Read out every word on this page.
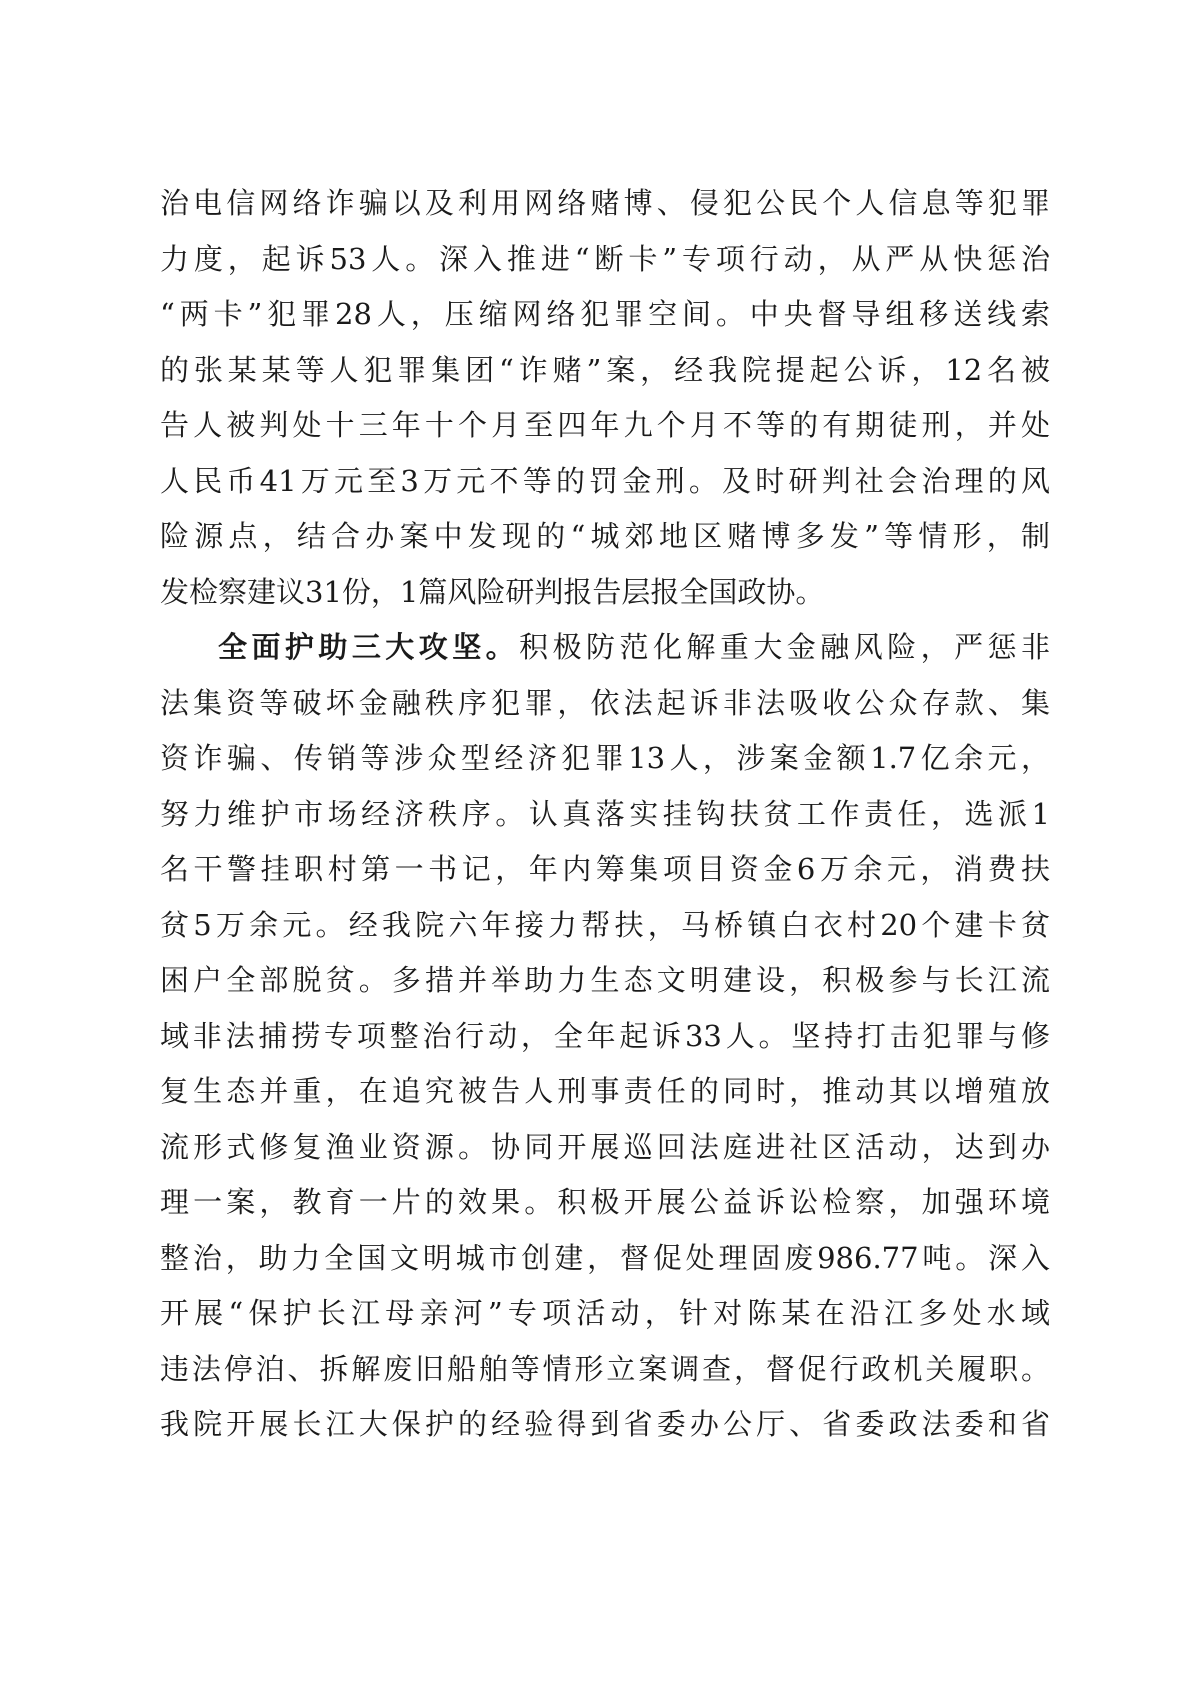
治电信网络诈骗以及利用网络赌博、侵犯公民个人信息等犯罪
力度，起诉53人。深入推进“断卡”专项行动，从严从快惩治
“两卡”犯罪28人，压缩网络犯罪空间。中央督导组移送线索
的张某某等人犯罪集团“诈赌”案，经我院提起公诉，12名被
告人被判处十三年十个月至四年九个月不等的有期徒刑，并处
人民币41万元至3万元不等的罚金刑。及时研判社会治理的风
险源点，结合办案中发现的“城郊地区赌博多发”等情形，制
发检察建议31份，1篇风险研判报告层报全国政协。
全面护助三大攻坚。积极防范化解重大金融风险，严惩非
法集资等破坏金融秩序犯罪，依法起诉非法吸收公众存款、集
资诈骗、传销等涉众型经济犯罪13人，涉案金额1.7亿余元，
努力维护市场经济秩序。认真落实挂钩扶贫工作责任，选派1
名干警挂职村第一书记，年内筹集项目资金6万余元，消费扶
贫5万余元。经我院六年接力帮扶，马桥镇白衣村20个建卡贫
困户全部脱贫。多措并举助力生态文明建设，积极参与长江流
域非法捕捞专项整治行动，全年起诉33人。坚持打击犯罪与修
复生态并重，在追究被告人刑事责任的同时，推动其以增殖放
流形式修复渔业资源。协同开展巡回法庭进社区活动，达到办
理一案，教育一片的效果。积极开展公益诉讼检察，加强环境
整治，助力全国文明城市创建，督促处理固废986.77吨。深入
开展“保护长江母亲河”专项活动，针对陈某在沿江多处水域
违法停泊、拆解废旧船舶等情形立案调查，督促行政机关履职。
我院开展长江大保护的经验得到省委办公厅、省委政法委和省
